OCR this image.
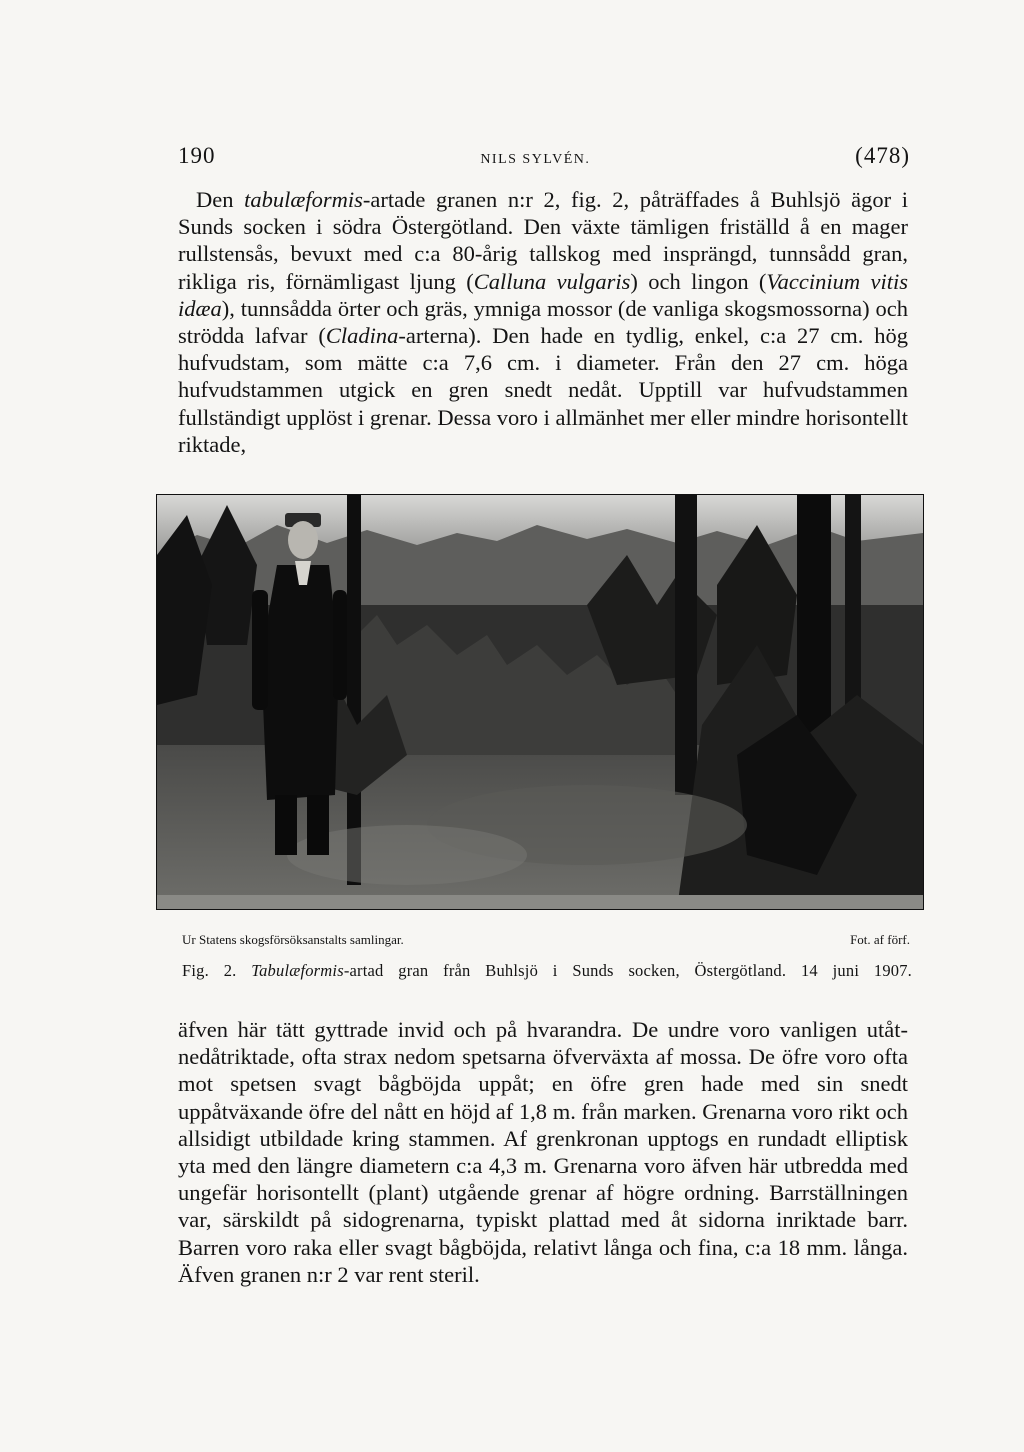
190	NILS SYLVÉN.	(478)

Den tabulæformis-artade granen n:r 2, fig. 2, påträffades å Buhlsjö ägor i Sunds socken i södra Östergötland. Den växte tämligen friställd å en mager rullstensås, bevuxt med c:a 80-årig tallskog med insprängd, tunnsådd gran, rikliga ris, förnämligast ljung (Calluna vulgaris) och lingon (Vaccinium vitis idæa), tunnsådda örter och gräs, ymniga mossor (de vanliga skogsmossorna) och strödda lafvar (Cladina-arterna). Den hade en tydlig, enkel, c:a 27 cm. hög hufvudstam, som mätte c:a 7,6 cm. i diameter. Från den 27 cm. höga hufvudstammen utgick en gren snedt nedåt. Upptill var hufvudstammen fullständigt upplöst i grenar. Dessa voro i allmänhet mer eller mindre horisontellt riktade,

Ur Statens skogsförsöksanstalts samlingar.	Fot. af förf.
Fig. 2. Tabulæformis-artad gran från Buhlsjö i Sunds socken, Östergötland. 14 juni 1907.

äfven här tätt gyttrade invid och på hvarandra. De undre voro vanligen utåt-nedåtriktade, ofta strax nedom spetsarna öfverväxta af mossa. De öfre voro ofta mot spetsen svagt bågböjda uppåt; en öfre gren hade med sin snedt uppåtväxande öfre del nått en höjd af 1,8 m. från marken. Grenarna voro rikt och allsidigt utbildade kring stammen. Af grenkronan upptogs en rundadt elliptisk yta med den längre diametern c:a 4,3 m. Grenarna voro äfven här utbredda med ungefär horisontellt (plant) utgående grenar af högre ordning. Barrställningen var, särskildt på sidogrenarna, typiskt plattad med åt sidorna inriktade barr. Barren voro raka eller svagt bågböjda, relativt långa och fina, c:a 18 mm. långa. Äfven granen n:r 2 var rent steril.
